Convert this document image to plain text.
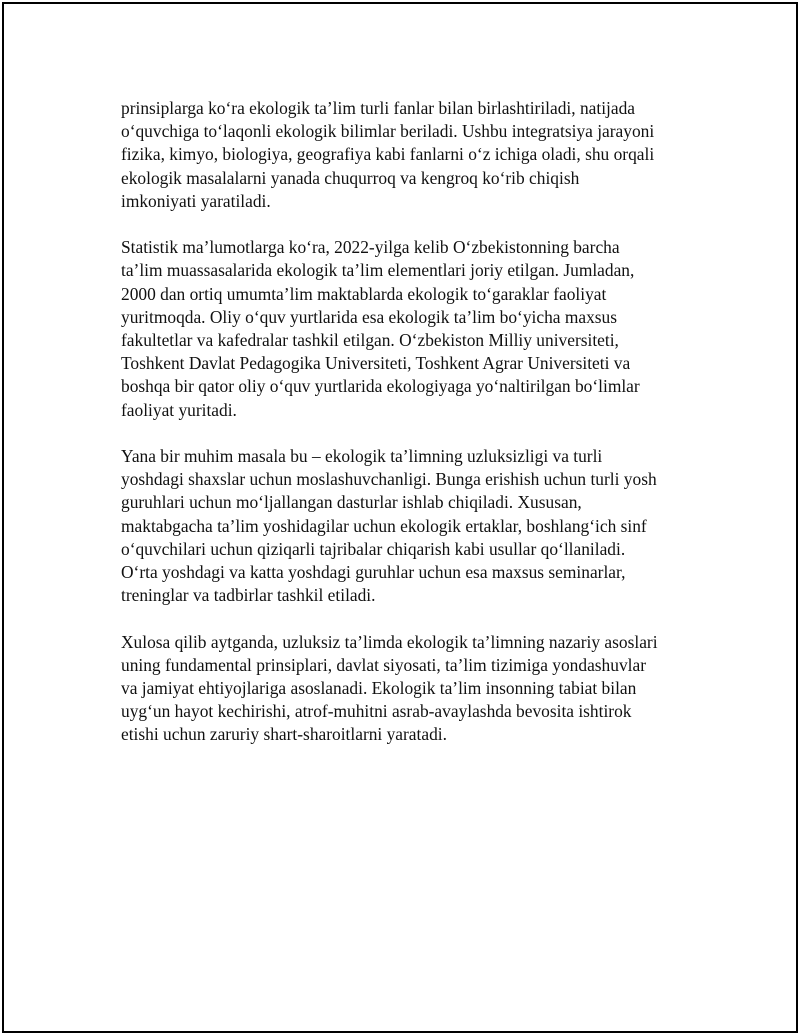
prinsiplarga ko‘ra ekologik ta’lim turli fanlar bilan birlashtiriladi, natijada
o‘quvchiga to‘laqonli ekologik bilimlar beriladi. Ushbu integratsiya jarayoni
fizika, kimyo, biologiya, geografiya kabi fanlarni o‘z ichiga oladi, shu orqali
ekologik masalalarni yanada chuqurroq va kengroq ko‘rib chiqish
imkoniyati yaratiladi.

Statistik ma’lumotlarga ko‘ra, 2022-yilga kelib O‘zbekistonning barcha
ta’lim muassasalarida ekologik ta’lim elementlari joriy etilgan. Jumladan,
2000 dan ortiq umumta’lim maktablarda ekologik to‘garaklar faoliyat
yuritmoqda. Oliy o‘quv yurtlarida esa ekologik ta’lim bo‘yicha maxsus
fakultetlar va kafedralar tashkil etilgan. O‘zbekiston Milliy universiteti,
Toshkent Davlat Pedagogika Universiteti, Toshkent Agrar Universiteti va
boshqa bir qator oliy o‘quv yurtlarida ekologiyaga yo‘naltirilgan bo‘limlar
faoliyat yuritadi.

Yana bir muhim masala bu – ekologik ta’limning uzluksizligi va turli
yoshdagi shaxslar uchun moslashuvchanligi. Bunga erishish uchun turli yosh
guruhlari uchun mo‘ljallangan dasturlar ishlab chiqiladi. Xususan,
maktabgacha ta’lim yoshidagilar uchun ekologik ertaklar, boshlang‘ich sinf
o‘quvchilari uchun qiziqarli tajribalar chiqarish kabi usullar qo‘llaniladi.
O‘rta yoshdagi va katta yoshdagi guruhlar uchun esa maxsus seminarlar,
treninglar va tadbirlar tashkil etiladi.

Xulosa qilib aytganda, uzluksiz ta’limda ekologik ta’limning nazariy asoslari
uning fundamental prinsiplari, davlat siyosati, ta’lim tizimiga yondashuvlar
va jamiyat ehtiyojlariga asoslanadi. Ekologik ta’lim insonning tabiat bilan
uyg‘un hayot kechirishi, atrof-muhitni asrab-avaylashda bevosita ishtirok
etishi uchun zaruriy shart-sharoitlarni yaratadi.
